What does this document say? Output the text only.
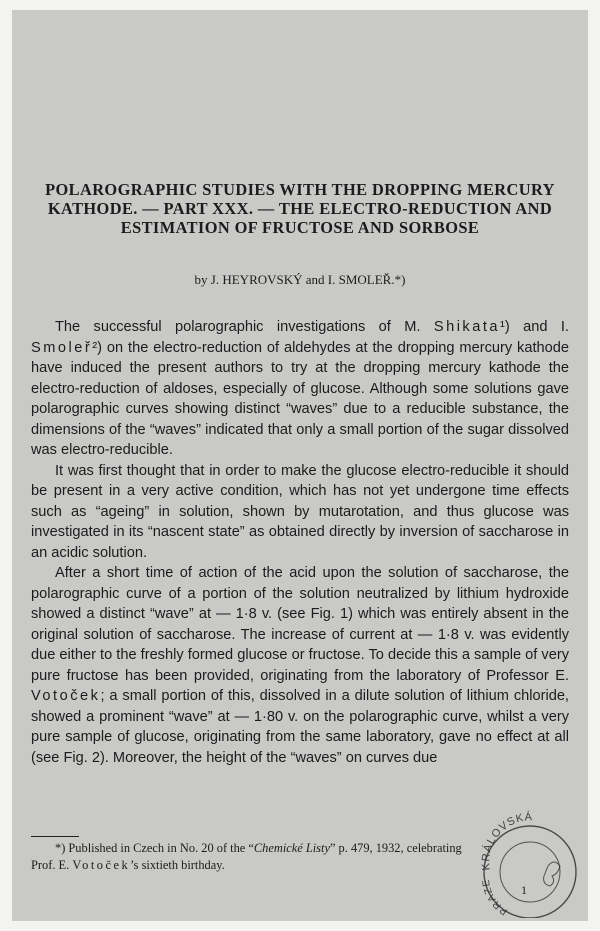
POLAROGRAPHIC STUDIES WITH THE DROPPING MERCURY KATHODE. — PART XXX. — THE ELECTRO-REDUCTION AND ESTIMATION OF FRUCTOSE AND SORBOSE
by J. HEYROVSKÝ and I. SMOLEŘ.*)

The successful polarographic investigations of M. Shikata¹) and I. Smoleř²) on the electro-reduction of aldehydes at the dropping mercury kathode have induced the present authors to try at the dropping mercury kathode the electro-reduction of aldoses, especially of glucose. Although some solutions gave polarographic curves showing distinct “waves” due to a reducible substance, the dimensions of the “waves” indicated that only a small portion of the sugar dissolved was electro-reducible.

It was first thought that in order to make the glucose electro-reducible it should be present in a very active condition, which has not yet undergone time effects such as “ageing” in solution, shown by mutarotation, and thus glucose was investigated in its “nascent state” as obtained directly by inversion of saccharose in an acidic solution.

After a short time of action of the acid upon the solution of saccharose, the polarographic curve of a portion of the solution neutralized by lithium hydroxide showed a distinct “wave” at — 1·8 v. (see Fig. 1) which was entirely absent in the original solution of saccharose. The increase of current at — 1·8 v. was evidently due either to the freshly formed glucose or fructose. To decide this a sample of very pure fructose has been provided, originating from the laboratory of Professor E. Votoček; a small portion of this, dissolved in a dilute solution of lithium chloride, showed a prominent “wave” at — 1·80 v. on the polarographic curve, whilst a very pure sample of glucose, originating from the same laboratory, gave no effect at all (see Fig. 2). Moreover, the height of the “waves” on curves due

*) Published in Czech in No. 20 of the “Chemické Listy” p. 479, 1932, celebrating

Prof. E. Votoček’s sixtieth birthday.	KRÁLOVSKÁ
PRAZE
1
